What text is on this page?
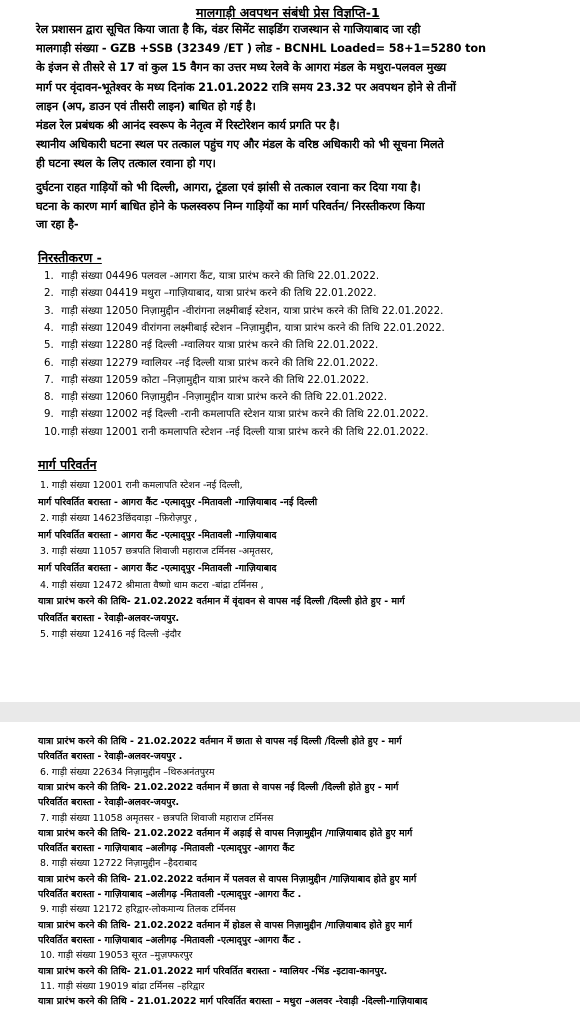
मालगाड़ी अवपथन संबंधी प्रेस विज्ञप्ति-1
रेल प्रशासन द्वारा सूचित किया जाता है कि, वंडर सिमेंट साइडिंग राजस्थान से गाजियाबाद जा रही
मालगाड़ी संख्या - GZB +SSB (32349 /ET ) लोड - BCNHL Loaded= 58+1=5280 ton
के इंजन से तीसरे से 17 वां कुल 15 वैगन का उत्तर मध्य रेलवे के आगरा मंडल के मथुरा-पलवल मुख्य
मार्ग पर वृंदावन-भूतेश्वर के मध्य दिनांक 21.01.2022 रात्रि समय 23.32 पर अवपथन होने से तीनों
लाइन (अप, डाउन एवं तीसरी लाइन) बाधित हो गई है।
मंडल रेल प्रबंधक श्री आनंद स्वरूप के नेतृत्व में रिस्टोरेशन कार्य प्रगति पर है।
स्थानीय अधिकारी घटना स्थल पर तत्काल पहुंच गए और मंडल के वरिष्ठ अधिकारी को भी सूचना मिलते
ही घटना स्थल के लिए तत्काल रवाना हो गए।
दुर्घटना राहत गाड़ियों को भी दिल्ली, आगरा, टूंडला एवं झांसी से तत्काल रवाना कर दिया गया है।
घटना के कारण मार्ग बाधित होने के फलस्वरुप निम्न गाड़ियों का मार्ग परिवर्तन/ निरस्तीकरण किया
जा रहा है-
निरस्तीकरण -
1. गाड़ी संख्या 04496 पलवल -आगरा कैंट, यात्रा प्रारंभ करने की तिथि 22.01.2022.
2. गाड़ी संख्या 04419 मथुरा –गाज़ियाबाद, यात्रा प्रारंभ करने की तिथि 22.01.2022.
3. गाड़ी संख्या 12050 निज़ामुद्दीन -वीरांगना लक्ष्मीबाई स्टेशन, यात्रा प्रारंभ करने की तिथि 22.01.2022.
4. गाड़ी संख्या 12049 वीरांगना लक्ष्मीबाई स्टेशन –निज़ामुद्दीन, यात्रा प्रारंभ करने की तिथि 22.01.2022.
5. गाड़ी संख्या 12280 नई दिल्ली -ग्वालियर यात्रा प्रारंभ करने की तिथि 22.01.2022.
6. गाड़ी संख्या 12279 ग्वालियर -नई दिल्ली यात्रा प्रारंभ करने की तिथि 22.01.2022.
7. गाड़ी संख्या 12059 कोटा –निज़ामुद्दीन यात्रा प्रारंभ करने की तिथि 22.01.2022.
8. गाड़ी संख्या 12060 निज़ामुद्दीन -निज़ामुद्दीन यात्रा प्रारंभ करने की तिथि 22.01.2022.
9. गाड़ी संख्या 12002 नई दिल्ली -रानी कमलापति स्टेशन यात्रा प्रारंभ करने की तिथि 22.01.2022.
10. गाड़ी संख्या 12001 रानी कमलापति स्टेशन -नई दिल्ली यात्रा प्रारंभ करने की तिथि 22.01.2022.
मार्ग परिवर्तन
1. गाड़ी संख्या 12001 रानी कमलापति स्टेशन -नई दिल्ली,
मार्ग परिवर्तित बरास्ता - आगरा कैंट -एत्माद्पुर -मितावली -गाज़ियाबाद -नई दिल्ली
2. गाड़ी संख्या 14623छिंदवाड़ा –फ़िरोज़पुर ,
मार्ग परिवर्तित बरास्ता - आगरा कैंट -एत्माद्पुर -मितावली -गाज़ियाबाद
3. गाड़ी संख्या 11057 छत्रपति शिवाजी महाराज टर्मिनस -अमृतसर,
मार्ग परिवर्तित बरास्ता - आगरा कैंट -एत्माद्पुर -मितावली -गाज़ियाबाद
4. गाड़ी संख्या 12472 श्रीमाता वैष्णो धाम कटरा -बांद्रा टर्मिनस ,
यात्रा प्रारंभ करने की तिथि- 21.02.2022 वर्तमान में वृंदावन से वापस नई दिल्ली /दिल्ली होते हुए - मार्ग
परिवर्तित बरास्ता - रेवाड़ी-अलवर-जयपुर.
5. गाड़ी संख्या 12416 नई दिल्ली -इंदौर
यात्रा प्रारंभ करने की तिथि - 21.02.2022 वर्तमान में छाता से वापस नई दिल्ली /दिल्ली होते हुए - मार्ग
परिवर्तित बरास्ता - रेवाड़ी-अलवर-जयपुर .
6. गाड़ी संख्या 22634 निज़ामुद्दीन –थिरुअनंतपुरम
यात्रा प्रारंभ करने की तिथि- 21.02.2022 वर्तमान में छाता से वापस नई दिल्ली /दिल्ली होते हुए - मार्ग
परिवर्तित बरास्ता - रेवाड़ी-अलवर-जयपुर.
7. गाड़ी संख्या 11058 अमृतसर - छत्रपति शिवाजी महाराज टर्मिनस
यात्रा प्रारंभ करने की तिथि- 21.02.2022 वर्तमान में अड़ाई से वापस निज़ामुद्दीन /गाज़ियाबाद होते हुए मार्ग
परिवर्तित बरास्ता - गाज़ियाबाद –अलीगढ़ -मितावली -एत्माद्पुर -आगरा कैंट
8. गाड़ी संख्या 12722 निज़ामुद्दीन –हैदराबाद
यात्रा प्रारंभ करने की तिथि- 21.02.2022 वर्तमान में पलवल से वापस निज़ामुद्दीन /गाज़ियाबाद होते हुए मार्ग
परिवर्तित बरास्ता - गाज़ियाबाद –अलीगढ़ -मितावली -एत्माद्पुर -आगरा कैंट .
9. गाड़ी संख्या 12172 हरिद्वार-लोकमान्य तिलक टर्मिनस
यात्रा प्रारंभ करने की तिथि- 21.02.2022 वर्तमान में होडल से वापस निज़ामुद्दीन /गाज़ियाबाद होते हुए मार्ग
परिवर्तित बरास्ता - गाज़ियाबाद –अलीगढ़ -मितावली -एत्माद्पुर -आगरा कैंट .
10. गाड़ी संख्या 19053 सूरत –मुज़फ्फरपुर
यात्रा प्रारंभ करने की तिथि- 21.01.2022 मार्ग परिवर्तित बरास्ता - ग्वालियर -भिंड -इटावा-कानपुर.
11. गाड़ी संख्या 19019 बांद्रा टर्मिनस –हरिद्वार
यात्रा प्रारंभ करने की तिथि - 21.01.2022 मार्ग परिवर्तित बरास्ता – मथुरा –अलवर -रेवाड़ी -दिल्ली-गाज़ियाबाद
